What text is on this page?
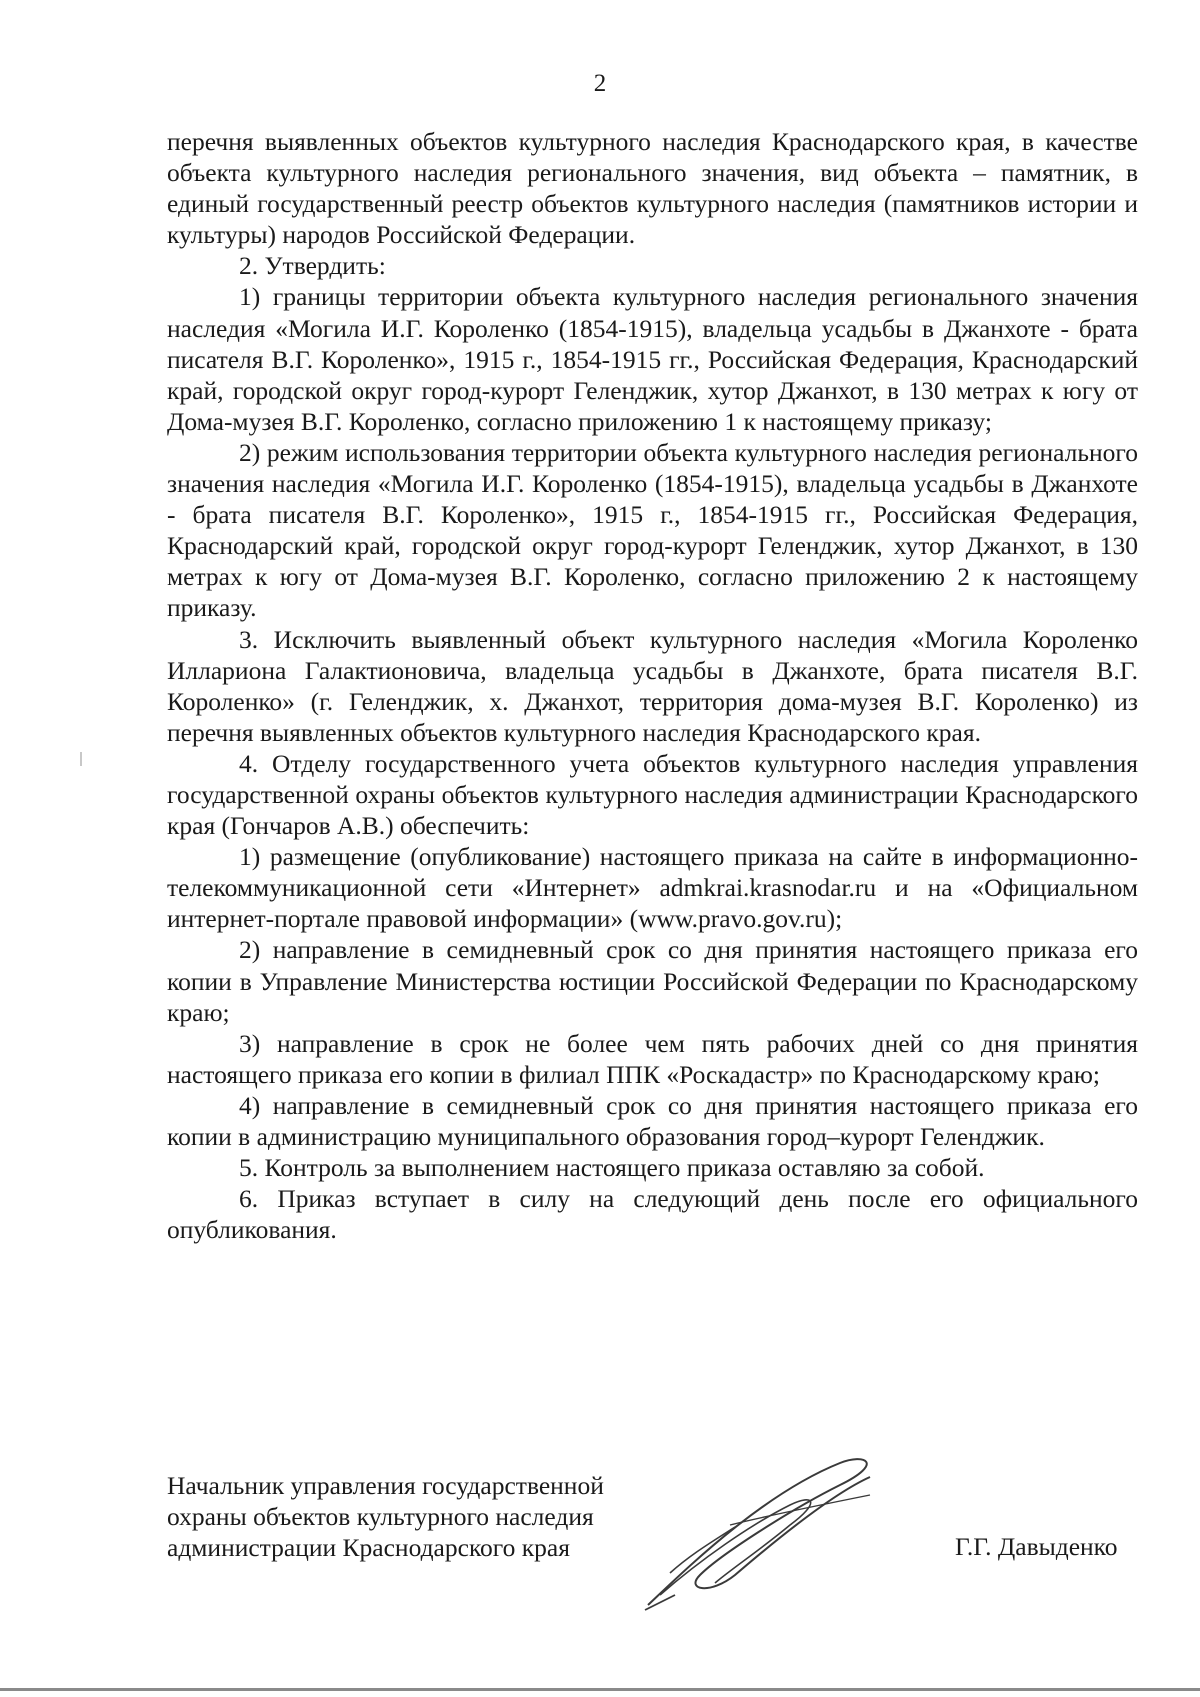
2

перечня выявленных объектов культурного наследия Краснодарского края, в качестве объекта культурного наследия регионального значения, вид объекта – памятник, в единый государственный реестр объектов культурного наследия (памятников истории и культуры) народов Российской Федерации.

2. Утвердить:

1) границы территории объекта культурного наследия регионального значения наследия «Могила И.Г. Короленко (1854-1915), владельца усадьбы в Джанхоте - брата писателя В.Г. Короленко», 1915 г., 1854-1915 гг., Российская Федерация, Краснодарский край, городской округ город-курорт Геленджик, хутор Джанхот, в 130 метрах к югу от Дома-музея В.Г. Короленко, согласно приложению 1 к настоящему приказу;

2) режим использования территории объекта культурного наследия регионального значения наследия «Могила И.Г. Короленко (1854-1915), владельца усадьбы в Джанхоте - брата писателя В.Г. Короленко», 1915 г., 1854-1915 гг., Российская Федерация, Краснодарский край, городской округ город-курорт Геленджик, хутор Джанхот, в 130 метрах к югу от Дома-музея В.Г. Короленко, согласно приложению 2 к настоящему приказу.

3. Исключить выявленный объект культурного наследия «Могила Короленко Иллариона Галактионовича, владельца усадьбы в Джанхоте, брата писателя В.Г. Короленко» (г. Геленджик, х. Джанхот, территория дома-музея В.Г. Короленко) из перечня выявленных объектов культурного наследия Краснодарского края.

4. Отделу государственного учета объектов культурного наследия управления государственной охраны объектов культурного наследия администрации Краснодарского края (Гончаров А.В.) обеспечить:

1) размещение (опубликование) настоящего приказа на сайте в информационно-телекоммуникационной сети «Интернет» admkrai.krasnodar.ru и на «Официальном интернет-портале правовой информации» (www.pravo.gov.ru);

2) направление в семидневный срок со дня принятия настоящего приказа его копии в Управление Министерства юстиции Российской Федерации по Краснодарскому краю;

3) направление в срок не более чем пять рабочих дней со дня принятия настоящего приказа его копии в филиал ППК «Роскадастр» по Краснодарскому краю;

4) направление в семидневный срок со дня принятия настоящего приказа его копии в администрацию муниципального образования город–курорт Геленджик.

5. Контроль за выполнением настоящего приказа оставляю за собой.

6. Приказ вступает в силу на следующий день после его официального опубликования.

Начальник управления государственной
охраны объектов культурного наследия
администрации Краснодарского края	Г.Г. Давыденко
